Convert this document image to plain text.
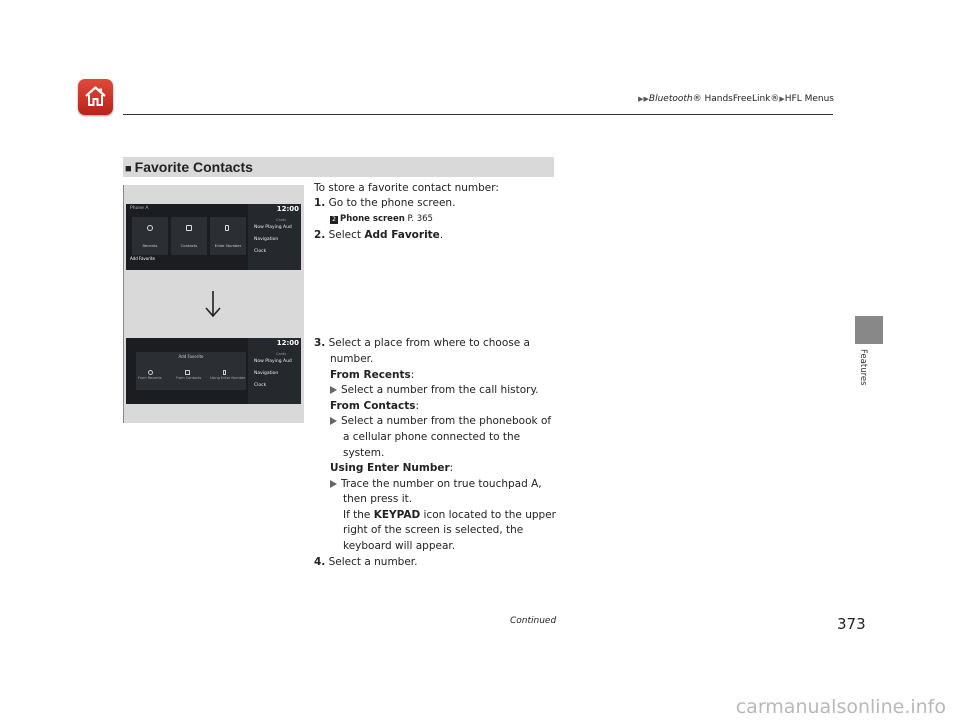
▶▶Bluetooth® HandsFreeLink®▶HFL Menus
Features
■ Favorite Contacts
Phone A
Recents	Contacts	Enter Number
Add Favorite
12:00
Cards
Now Playing Aud
Navigation
Clock
Add Favorite
From Recents	From Contacts	Using Enter Number
12:00
Cards
Now Playing Aud
Navigation
Clock
To store a favorite contact number:
1. Go to the phone screen.
2 Phone screen P. 365
2. Select Add Favorite.
3. Select a place from where to choose a
number.
From Recents:
Select a number from the call history.
From Contacts:
Select a number from the phonebook of
a cellular phone connected to the
system.
Using Enter Number:
Trace the number on true touchpad A,
then press it.
If the KEYPAD icon located to the upper
right of the screen is selected, the
keyboard will appear.
4. Select a number.
Continued	373
carmanualsonline.info
